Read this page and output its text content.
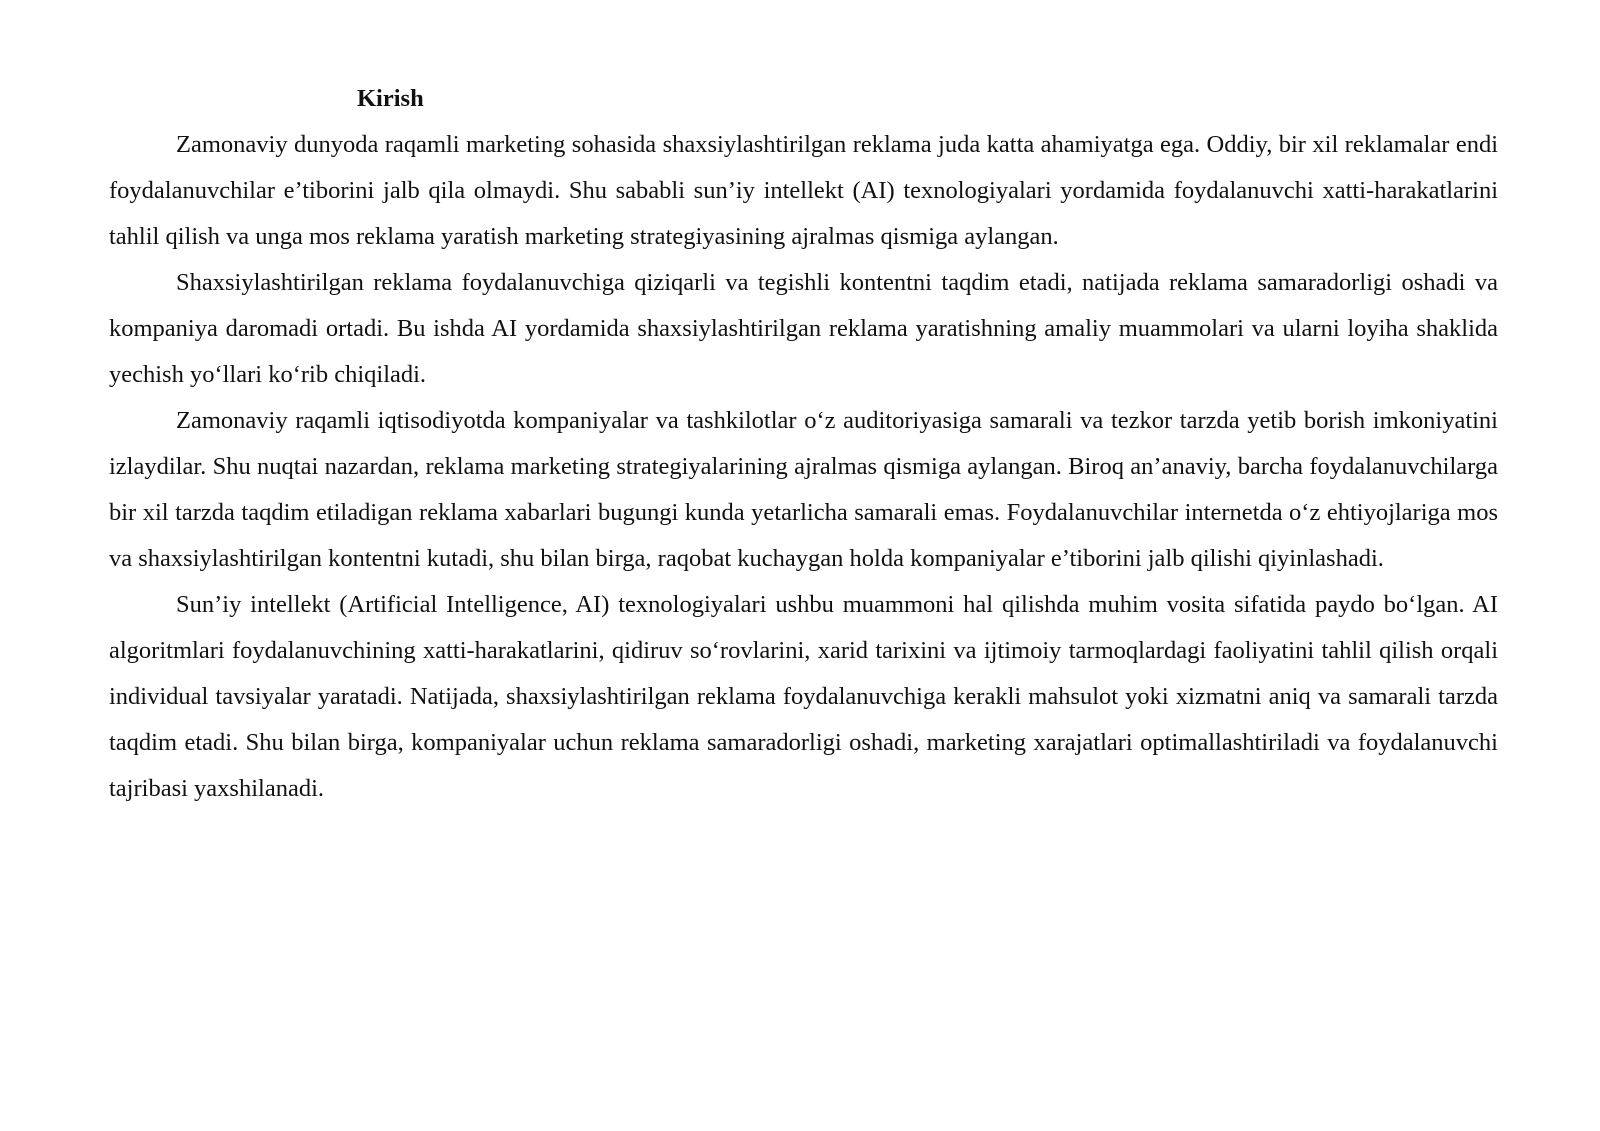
Kirish

Zamonaviy dunyoda raqamli marketing sohasida shaxsiylashtirilgan reklama juda katta ahamiyatga ega. Oddiy, bir xil reklamalar endi foydalanuvchilar e’tiborini jalb qila olmaydi. Shu sababli sun’iy intellekt (AI) texnologiyalari yordamida foydalanuvchi xatti-harakatlarini tahlil qilish va unga mos reklama yaratish marketing strategiyasining ajralmas qismiga aylangan.

Shaxsiylashtirilgan reklama foydalanuvchiga qiziqarli va tegishli kontentni taqdim etadi, natijada reklama samaradorligi oshadi va kompaniya daromadi ortadi. Bu ishda AI yordamida shaxsiylashtirilgan reklama yaratishning amaliy muammolari va ularni loyiha shaklida yechish yo‘llari ko‘rib chiqiladi.

Zamonaviy raqamli iqtisodiyotda kompaniyalar va tashkilotlar o‘z auditoriyasiga samarali va tezkor tarzda yetib borish imkoniyatini izlaydilar. Shu nuqtai nazardan, reklama marketing strategiyalarining ajralmas qismiga aylangan. Biroq an’anaviy, barcha foydalanuvchilarga bir xil tarzda taqdim etiladigan reklama xabarlari bugungi kunda yetarlicha samarali emas. Foydalanuvchilar internetda o‘z ehtiyojlariga mos va shaxsiylashtirilgan kontentni kutadi, shu bilan birga, raqobat kuchaygan holda kompaniyalar e’tiborini jalb qilishi qiyinlashadi.

Sun’iy intellekt (Artificial Intelligence, AI) texnologiyalari ushbu muammoni hal qilishda muhim vosita sifatida paydo bo‘lgan. AI algoritmlari foydalanuvchining xatti-harakatlarini, qidiruv so‘rovlarini, xarid tarixini va ijtimoiy tarmoqlardagi faoliyatini tahlil qilish orqali individual tavsiyalar yaratadi. Natijada, shaxsiylashtirilgan reklama foydalanuvchiga kerakli mahsulot yoki xizmatni aniq va samarali tarzda taqdim etadi. Shu bilan birga, kompaniyalar uchun reklama samaradorligi oshadi, marketing xarajatlari optimallashtiriladi va foydalanuvchi tajribasi yaxshilanadi.
